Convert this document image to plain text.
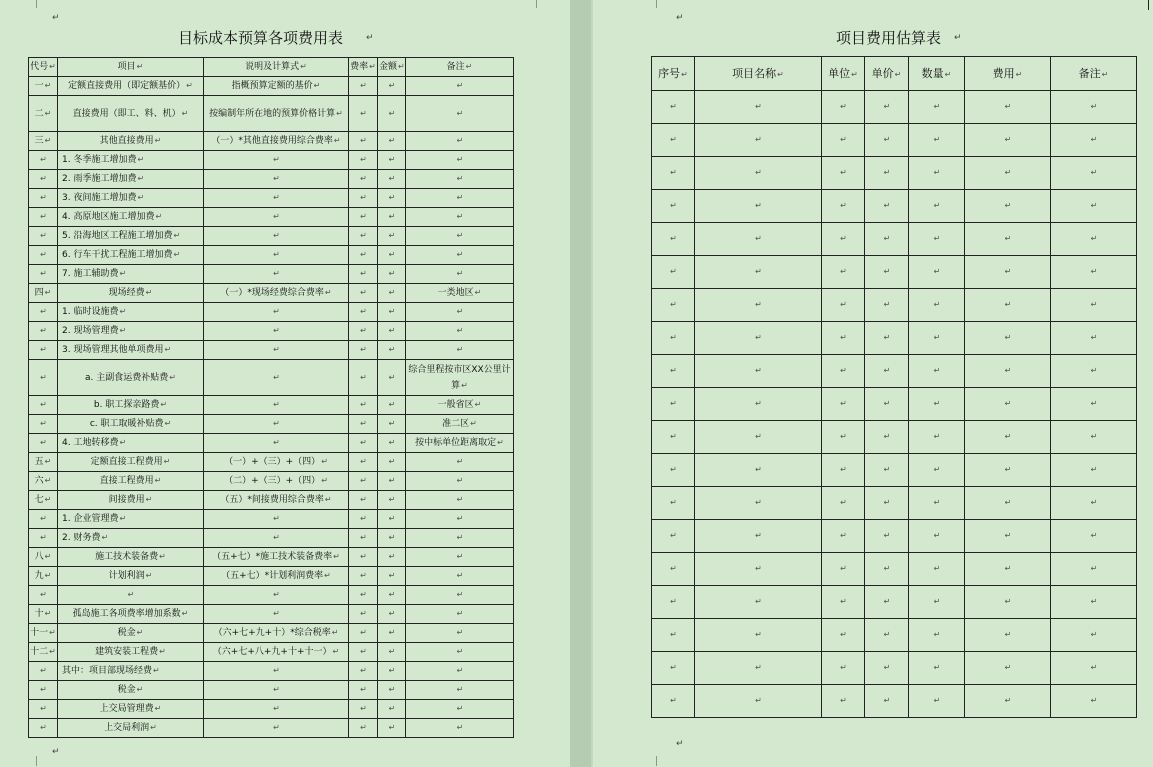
↵
↵
↵
↵
目标成本预算各项费用表	↵	项目费用估算表 ↵
代号↵	项目↵	说明及计算式↵	费率↵	金额↵	备注↵
一↵	定额直接费用（即定额基价）↵	指概预算定额的基价↵	↵	↵	↵
二↵	直接费用（即工、料、机）↵	按编制年所在地的预算价格计算↵	↵	↵	↵
三↵	其他直接费用↵	（一）*其他直接费用综合费率↵	↵	↵	↵
↵	1. 冬季施工增加费↵	↵	↵	↵	↵
↵	2. 雨季施工增加费↵	↵	↵	↵	↵
↵	3. 夜间施工增加费↵	↵	↵	↵	↵
↵	4. 高原地区施工增加费↵	↵	↵	↵	↵
↵	5. 沿海地区工程施工增加费↵	↵	↵	↵	↵
↵	6. 行车干扰工程施工增加费↵	↵	↵	↵	↵
↵	7. 施工辅助费↵	↵	↵	↵	↵
四↵	现场经费↵	（一）*现场经费综合费率↵	↵	↵	一类地区↵
↵	1. 临时设施费↵	↵	↵	↵	↵
↵	2. 现场管理费↵	↵	↵	↵	↵
↵	3. 现场管理其他单项费用↵	↵	↵	↵	↵
↵	a. 主副食运费补贴费↵	↵	↵	↵	综合里程按市区XX公里计算↵
↵	b. 职工探亲路费↵	↵	↵	↵	一般省区↵
↵	c. 职工取暖补贴费↵	↵	↵	↵	准二区↵
↵	4. 工地转移费↵	↵	↵	↵	按中标单位距离取定↵
五↵	定额直接工程费用↵	（一）+（三）+（四）↵	↵	↵	↵
六↵	直接工程费用↵	（二）+（三）+（四）↵	↵	↵	↵
七↵	间接费用↵	（五）*间接费用综合费率↵	↵	↵	↵
↵	1. 企业管理费↵	↵	↵	↵	↵
↵	2. 财务费↵	↵	↵	↵	↵
八↵	施工技术装备费↵	（五+七）*施工技术装备费率↵	↵	↵	↵
九↵	计划利润↵	（五+七）*计划利润费率↵	↵	↵	↵
↵	↵	↵	↵	↵	↵
十↵	孤岛施工各项费率增加系数↵	↵	↵	↵	↵
十一↵	税金↵	（六+七+九+十）*综合税率↵	↵	↵	↵
十二↵	建筑安装工程费↵	（六+七+八+九+十+十一）↵	↵	↵	↵
↵	其中：项目部现场经费↵	↵	↵	↵	↵
↵	税金↵	↵	↵	↵	↵
↵	上交局管理费↵	↵	↵	↵	↵
↵	上交局利润↵	↵	↵	↵	↵
序号↵	项目名称↵	单位↵	单价↵	数量↵	费用↵	备注↵
↵	↵	↵	↵	↵	↵	↵
↵	↵	↵	↵	↵	↵	↵
↵	↵	↵	↵	↵	↵	↵
↵	↵	↵	↵	↵	↵	↵
↵	↵	↵	↵	↵	↵	↵
↵	↵	↵	↵	↵	↵	↵
↵	↵	↵	↵	↵	↵	↵
↵	↵	↵	↵	↵	↵	↵
↵	↵	↵	↵	↵	↵	↵
↵	↵	↵	↵	↵	↵	↵
↵	↵	↵	↵	↵	↵	↵
↵	↵	↵	↵	↵	↵	↵
↵	↵	↵	↵	↵	↵	↵
↵	↵	↵	↵	↵	↵	↵
↵	↵	↵	↵	↵	↵	↵
↵	↵	↵	↵	↵	↵	↵
↵	↵	↵	↵	↵	↵	↵
↵	↵	↵	↵	↵	↵	↵
↵	↵	↵	↵	↵	↵	↵
